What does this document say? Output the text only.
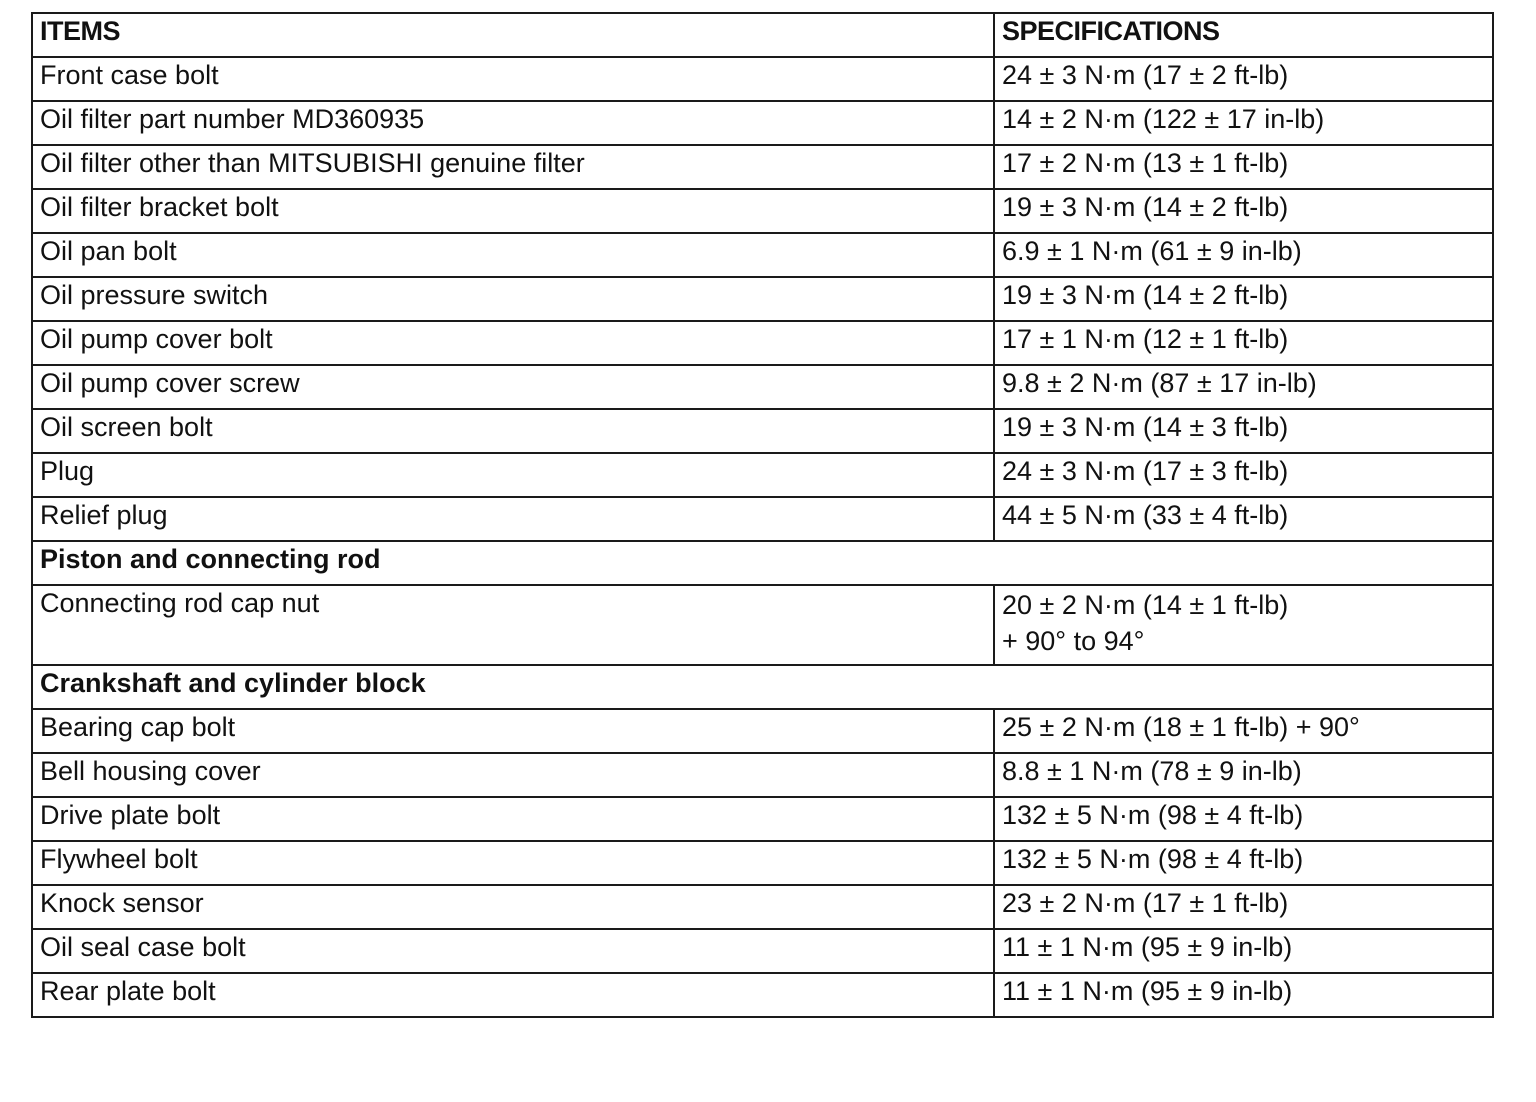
ITEMS	SPECIFICATIONS
Front case bolt	24 ± 3 N·m (17 ± 2 ft-lb)
Oil filter part number MD360935	14 ± 2 N·m (122 ± 17 in-lb)
Oil filter other than MITSUBISHI genuine filter	17 ± 2 N·m (13 ± 1 ft-lb)
Oil filter bracket bolt	19 ± 3 N·m (14 ± 2 ft-lb)
Oil pan bolt	6.9 ± 1 N·m (61 ± 9 in-lb)
Oil pressure switch	19 ± 3 N·m (14 ± 2 ft-lb)
Oil pump cover bolt	17 ± 1 N·m (12 ± 1 ft-lb)
Oil pump cover screw	9.8 ± 2 N·m (87 ± 17 in-lb)
Oil screen bolt	19 ± 3 N·m (14 ± 3 ft-lb)
Plug	24 ± 3 N·m (17 ± 3 ft-lb)
Relief plug	44 ± 5 N·m (33 ± 4 ft-lb)
Piston and connecting rod	
Connecting rod cap nut	20 ± 2 N·m (14 ± 1 ft-lb)
+ 90° to 94°

Crankshaft and cylinder block	
Bearing cap bolt	25 ± 2 N·m (18 ± 1 ft-lb) + 90°
Bell housing cover	8.8 ± 1 N·m (78 ± 9 in-lb)
Drive plate bolt	132 ± 5 N·m (98 ± 4 ft-lb)
Flywheel bolt	132 ± 5 N·m (98 ± 4 ft-lb)
Knock sensor	23 ± 2 N·m (17 ± 1 ft-lb)
Oil seal case bolt	11 ± 1 N·m (95 ± 9 in-lb)
Rear plate bolt	11 ± 1 N·m (95 ± 9 in-lb)
